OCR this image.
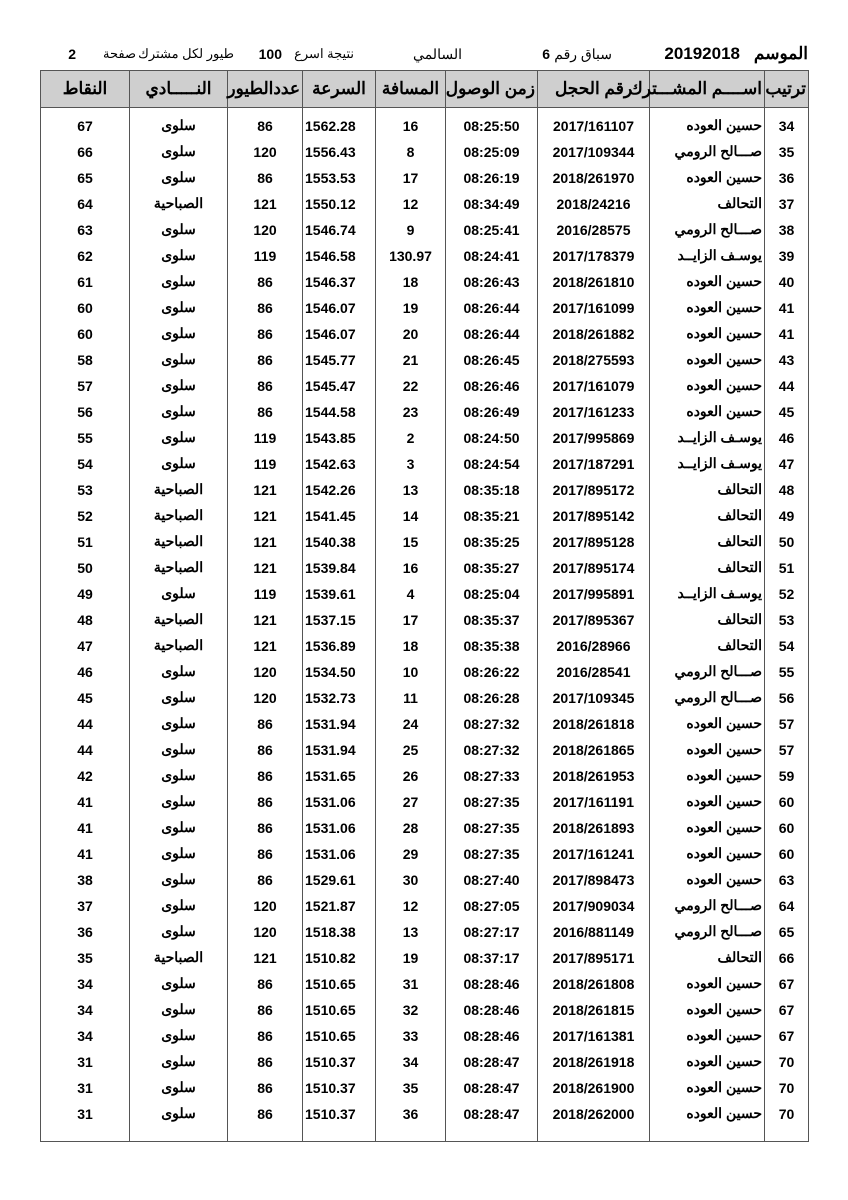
الموسم
20192018
سباق رقم
6
السالمي
نتيجة اسرع
100
طيور لكل مشترك
صفحة
2
ترتيب	اســــم المشـــترك	رقم الحجل	زمن الوصول	المسافة	السرعة	عددالطيور	النـــــادي	النقاط
34	حسين العوده	2017/161107	08:25:50	16	1562.28	86	سلوى	67
35	صـــالح الرومي	2017/109344	08:25:09	8	1556.43	120	سلوى	66
36	حسين العوده	2018/261970	08:26:19	17	1553.53	86	سلوى	65
37	التحالف	2018/24216	08:34:49	12	1550.12	121	الصباحية	64
38	صـــالح الرومي	2016/28575	08:25:41	9	1546.74	120	سلوى	63
39	يوسـف الزايــد	2017/178379	08:24:41	130.97	1546.58	119	سلوى	62
40	حسين العوده	2018/261810	08:26:43	18	1546.37	86	سلوى	61
41	حسين العوده	2017/161099	08:26:44	19	1546.07	86	سلوى	60
41	حسين العوده	2018/261882	08:26:44	20	1546.07	86	سلوى	60
43	حسين العوده	2018/275593	08:26:45	21	1545.77	86	سلوى	58
44	حسين العوده	2017/161079	08:26:46	22	1545.47	86	سلوى	57
45	حسين العوده	2017/161233	08:26:49	23	1544.58	86	سلوى	56
46	يوسـف الزايــد	2017/995869	08:24:50	2	1543.85	119	سلوى	55
47	يوسـف الزايــد	2017/187291	08:24:54	3	1542.63	119	سلوى	54
48	التحالف	2017/895172	08:35:18	13	1542.26	121	الصباحية	53
49	التحالف	2017/895142	08:35:21	14	1541.45	121	الصباحية	52
50	التحالف	2017/895128	08:35:25	15	1540.38	121	الصباحية	51
51	التحالف	2017/895174	08:35:27	16	1539.84	121	الصباحية	50
52	يوسـف الزايــد	2017/995891	08:25:04	4	1539.61	119	سلوى	49
53	التحالف	2017/895367	08:35:37	17	1537.15	121	الصباحية	48
54	التحالف	2016/28966	08:35:38	18	1536.89	121	الصباحية	47
55	صـــالح الرومي	2016/28541	08:26:22	10	1534.50	120	سلوى	46
56	صـــالح الرومي	2017/109345	08:26:28	11	1532.73	120	سلوى	45
57	حسين العوده	2018/261818	08:27:32	24	1531.94	86	سلوى	44
57	حسين العوده	2018/261865	08:27:32	25	1531.94	86	سلوى	44
59	حسين العوده	2018/261953	08:27:33	26	1531.65	86	سلوى	42
60	حسين العوده	2017/161191	08:27:35	27	1531.06	86	سلوى	41
60	حسين العوده	2018/261893	08:27:35	28	1531.06	86	سلوى	41
60	حسين العوده	2017/161241	08:27:35	29	1531.06	86	سلوى	41
63	حسين العوده	2017/898473	08:27:40	30	1529.61	86	سلوى	38
64	صـــالح الرومي	2017/909034	08:27:05	12	1521.87	120	سلوى	37
65	صـــالح الرومي	2016/881149	08:27:17	13	1518.38	120	سلوى	36
66	التحالف	2017/895171	08:37:17	19	1510.82	121	الصباحية	35
67	حسين العوده	2018/261808	08:28:46	31	1510.65	86	سلوى	34
67	حسين العوده	2018/261815	08:28:46	32	1510.65	86	سلوى	34
67	حسين العوده	2017/161381	08:28:46	33	1510.65	86	سلوى	34
70	حسين العوده	2018/261918	08:28:47	34	1510.37	86	سلوى	31
70	حسين العوده	2018/261900	08:28:47	35	1510.37	86	سلوى	31
70	حسين العوده	2018/262000	08:28:47	36	1510.37	86	سلوى	31
